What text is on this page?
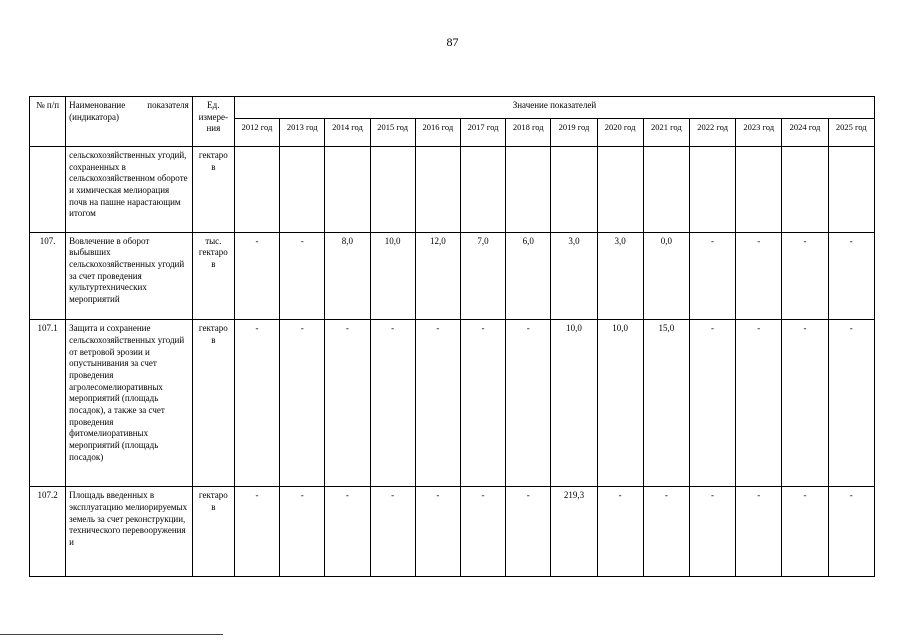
87
№ п/п	Наименование показателя (индикатора)	Ед. измере-ния	Значение показателей													
			2012 год	2013 год	2014 год	2015 год	2016 год	2017 год	2018 год	2019 год	2020 год	2021 год	2022 год	2023 год	2024 год	2025 год
	сельскохозяйственных угодий, сохраненных в сельскохозяйственном обороте и химическая мелиорация почв на пашне нарастающим итогом	гектаро в														
107.	Вовлечение в оборот выбывших сельскохозяйственных угодий за счет проведения культуртехнических мероприятий	тыс. гектаро в	-	-	8,0	10,0	12,0	7,0	6,0	3,0	3,0	0,0	-	-	-	-
107.1	Защита и сохранение сельскохозяйственных угодий от ветровой эрозии и опустынивания за счет проведения агролесомелиоративных мероприятий (площадь посадок), а также за счет проведения фитомелиоративных мероприятий (площадь посадок)	гектаро в	-	-	-	-	-	-	-	10,0	10,0	15,0	-	-	-	-
107.2	Площадь введенных в эксплуатацию мелиорируемых земель за счет реконструкции, технического перевооружения и	гектаро в	-	-	-	-	-	-	-	219,3	-	-	-	-	-	-
